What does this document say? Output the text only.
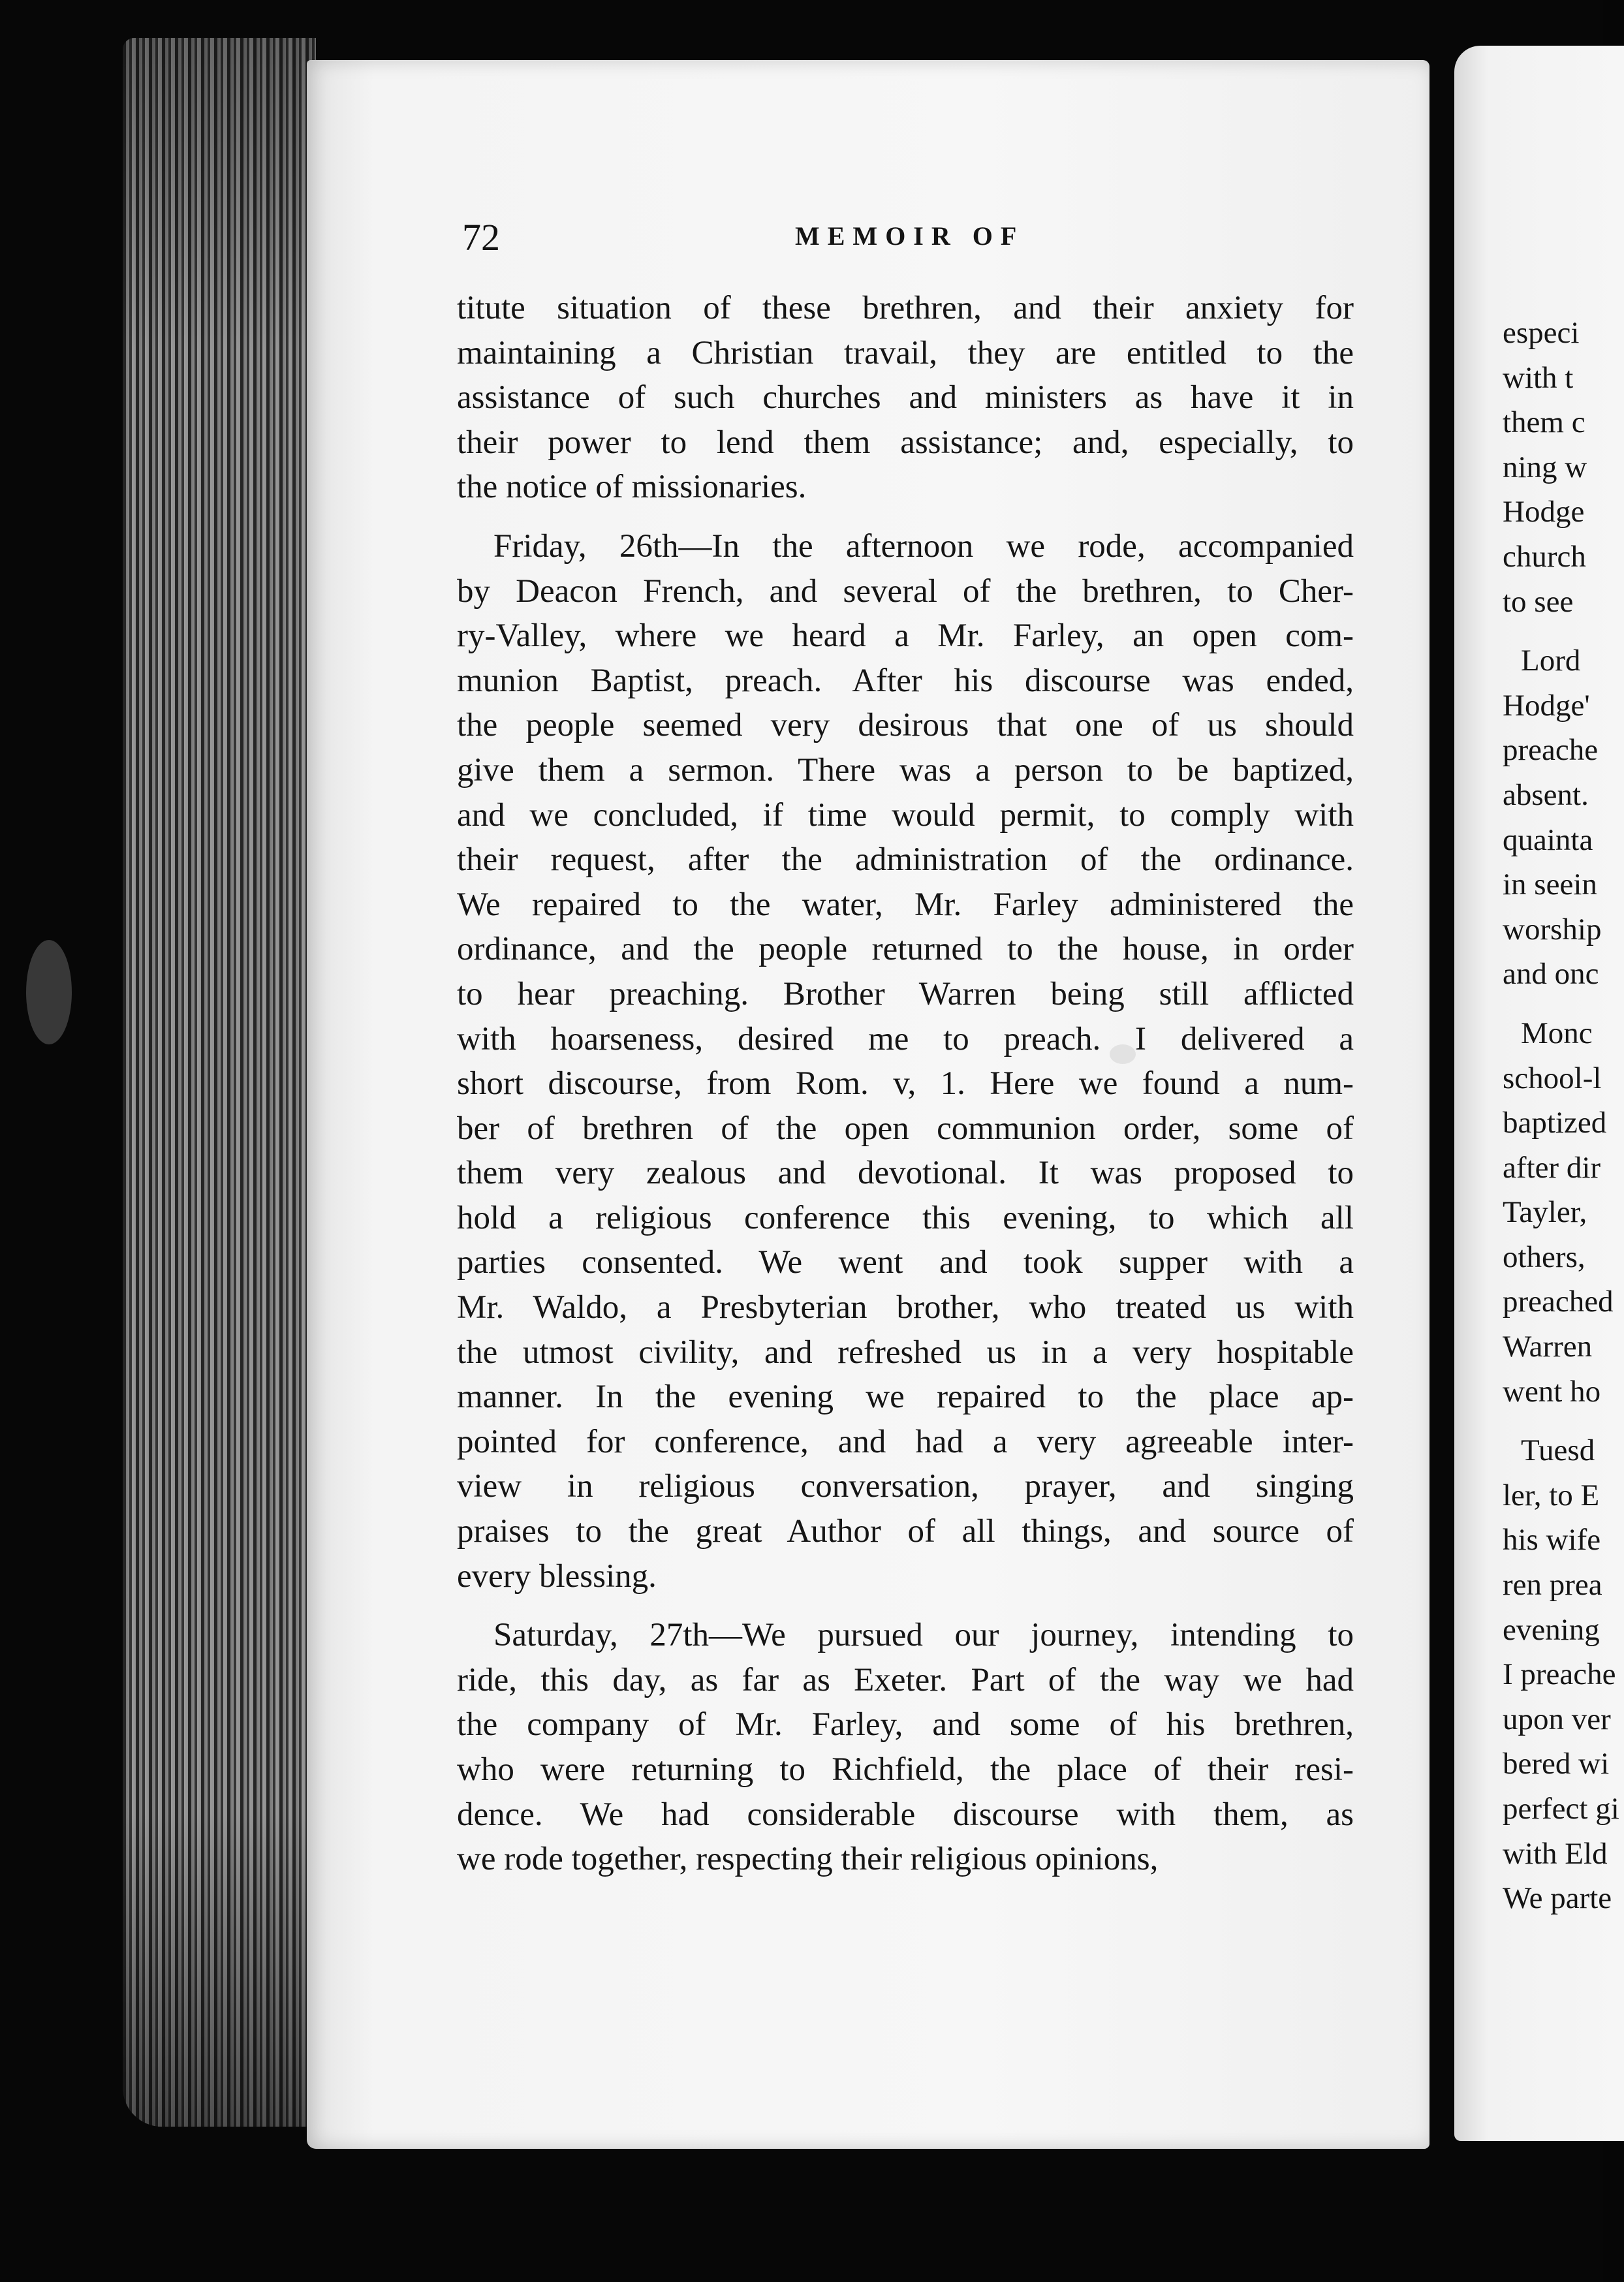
72	MEMOIR OF
titute situation of these brethren, and their anxiety for
maintaining a Christian travail, they are entitled to the
assistance of such churches and ministers as have it in
their power to lend them assistance; and, especially, to
the notice of missionaries.
Friday, 26th—In the afternoon we rode, accompanied
by Deacon French, and several of the brethren, to Cher-
ry-Valley, where we heard a Mr. Farley, an open com-
munion Baptist, preach. After his discourse was ended,
the people seemed very desirous that one of us should
give them a sermon. There was a person to be baptized,
and we concluded, if time would permit, to comply with
their request, after the administration of the ordinance.
We repaired to the water, Mr. Farley administered the
ordinance, and the people returned to the house, in order
to hear preaching. Brother Warren being still afflicted
with hoarseness, desired me to preach. I delivered a
short discourse, from Rom. v, 1. Here we found a num-
ber of brethren of the open communion order, some of
them very zealous and devotional. It was proposed to
hold a religious conference this evening, to which all
parties consented. We went and took supper with a
Mr. Waldo, a Presbyterian brother, who treated us with
the utmost civility, and refreshed us in a very hospitable
manner. In the evening we repaired to the place ap-
pointed for conference, and had a very agreeable inter-
view in religious conversation, prayer, and singing
praises to the great Author of all things, and source of
every blessing.
Saturday, 27th—We pursued our journey, intending to
ride, this day, as far as Exeter. Part of the way we had
the company of Mr. Farley, and some of his brethren,
who were returning to Richfield, the place of their resi-
dence. We had considerable discourse with them, as
we rode together, respecting their religious opinions,
especi
with t
them c
ning w
Hodge
church
to see
Lord
Hodge'
preache
absent.
quainta
in seein
worship
and onc
Monc
school-l
baptized
after dir
Tayler,
others,
preached
Warren
went ho
Tuesd
ler, to E
his wife
ren prea
evening
I preache
upon ver
bered wi
perfect gi
with Eld
We parte
